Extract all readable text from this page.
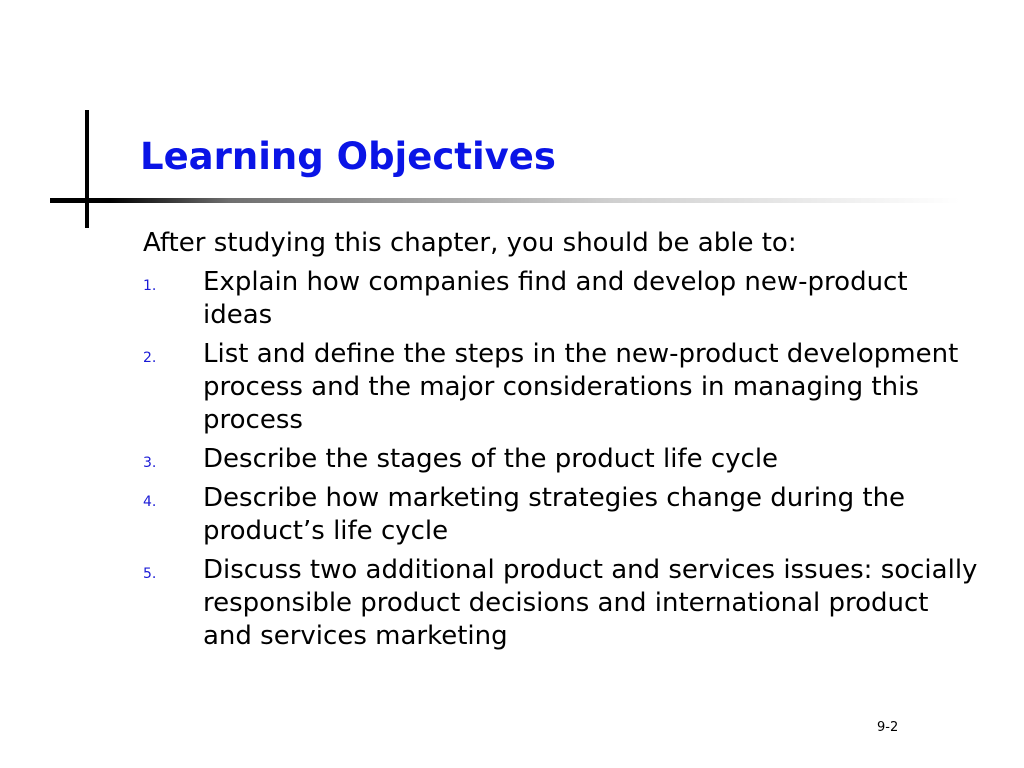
Learning Objectives

After studying this chapter, you should be able to:

1. Explain how companies find and develop new-product ideas
2. List and define the steps in the new-product development process and the major considerations in managing this process
3. Describe the stages of the product life cycle
4. Describe how marketing strategies change during the product’s life cycle
5. Discuss two additional product and services issues: socially responsible product decisions and international product and services marketing
9-2
